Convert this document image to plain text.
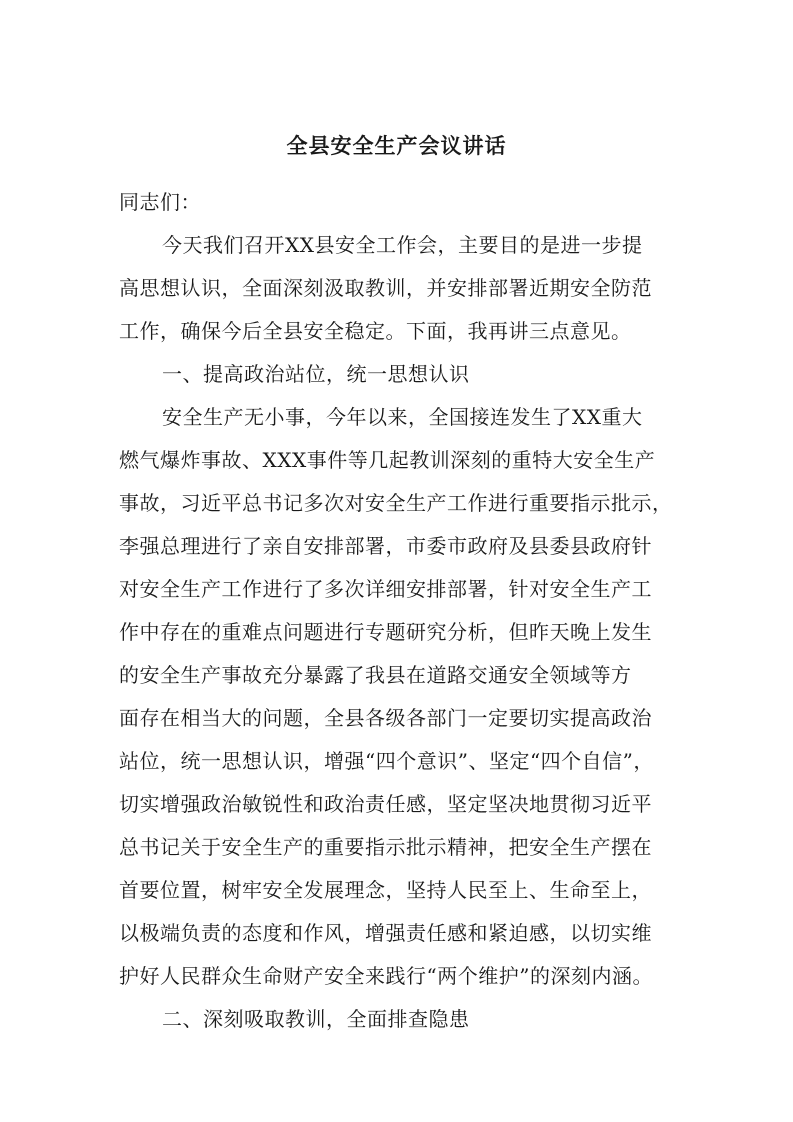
全县安全生产会议讲话
同志们：
今天我们召开XX县安全工作会，主要目的是进一步提
高思想认识，全面深刻汲取教训，并安排部署近期安全防范
工作，确保今后全县安全稳定。下面，我再讲三点意见。
一、提高政治站位，统一思想认识
安全生产无小事，今年以来，全国接连发生了XX重大
燃气爆炸事故、XXX事件等几起教训深刻的重特大安全生产
事故，习近平总书记多次对安全生产工作进行重要指示批示，
李强总理进行了亲自安排部署，市委市政府及县委县政府针
对安全生产工作进行了多次详细安排部署，针对安全生产工
作中存在的重难点问题进行专题研究分析，但昨天晚上发生
的安全生产事故充分暴露了我县在道路交通安全领域等方
面存在相当大的问题，全县各级各部门一定要切实提高政治
站位，统一思想认识，增强“四个意识”、坚定“四个自信”，
切实增强政治敏锐性和政治责任感，坚定坚决地贯彻习近平
总书记关于安全生产的重要指示批示精神，把安全生产摆在
首要位置，树牢安全发展理念，坚持人民至上、生命至上，
以极端负责的态度和作风，增强责任感和紧迫感，以切实维
护好人民群众生命财产安全来践行“两个维护”的深刻内涵。
二、深刻吸取教训，全面排查隐患
